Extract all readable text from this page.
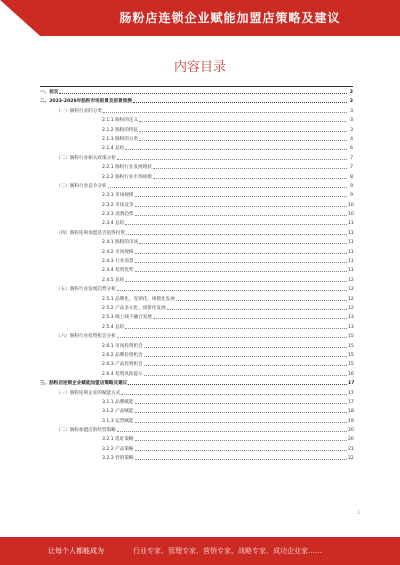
肠粉店连锁企业赋能加盟店策略及建议
内容目录
一、前言	3
二、2023-2028年肠粉市场前景及前景预测	3
（一）肠粉行业的分类	3
2.1.1 肠粉的定义	3
2.1.2 肠粉的特征	3
2.1.3 肠粉的分类	4
2.1.4 总结	6
（二）肠粉行业相关政策分析	7
2.2.1 肠粉行业发展现状	7
2.2.2 肠粉行业市场规模	8
（三）肠粉行业竞争分析	9
2.3.1 市场规模	9
2.3.2 市场竞争	10
2.3.3 消费趋势	10
2.3.4 总结	11
（四）肠粉连锁加盟是否值得投资	11
2.4.1 肠粉的市场	11
2.4.2 市场规模	11
2.4.3 行业前景	11
2.4.4 投资优势	11
2.4.5 总结	12
（五）肠粉行业发展趋势分析	12
2.5.1 品牌化、连锁化、规模化发展	12
2.5.2 产品多元化、创新化发展	12
2.5.3 线上线下融合发展	13
2.5.4 总结	13
（六）肠粉行业投资机会分析	15
2.6.1 市场投资机会	15
2.6.2 品牌投资机会	15
2.6.3 产品投资机会	15
2.6.4 投资风险提示	16
三、肠粉店连锁企业赋能加盟店策略及建议	17
（一）肠粉连锁企业的赋能方式	17
3.1.1 品牌赋能	17
3.1.2 产品赋能	18
3.1.3 运营赋能	19
（二）肠粉加盟店的经营策略	20
3.2.1 选址策略	20
3.2.2 产品策略	21
3.2.3 营销策略	22
1
让每个人都能成为	行业专家、管理专家、营销专家、战略专家、成功企业家……
